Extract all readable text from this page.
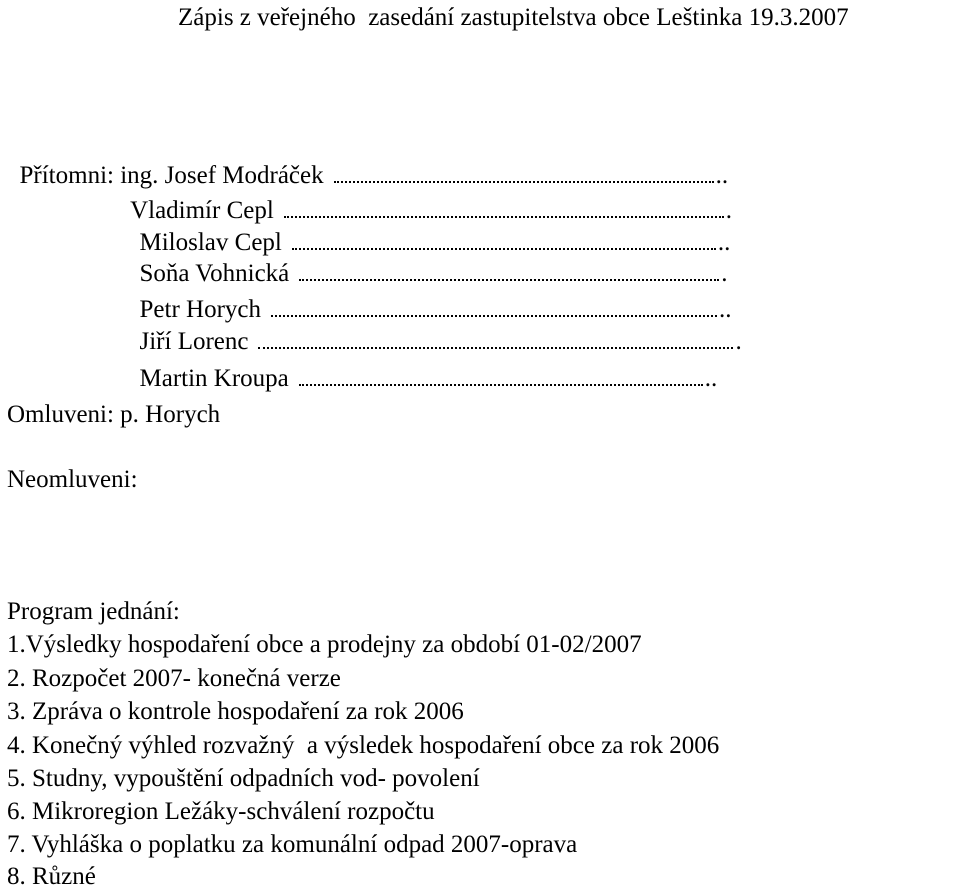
Zápis z veřejného  zasedání zastupitelstva obce Leštinka 19.3.2007

Přítomni: ing. Josef Modráček	..

Vladimír Cepl	.

Miloslav Cepl	..

Soňa Vohnická	.

Petr Horych	..

Jiří Lorenc	.

Martin Kroupa	..

Omluveni: p. Horych
Neomluveni:
Program jednání:
1.Výsledky hospodaření obce a prodejny za období 01-02/2007
2. Rozpočet 2007- konečná verze
3. Zpráva o kontrole hospodaření za rok 2006
4. Konečný výhled rozvažný  a výsledek hospodaření obce za rok 2006
5. Studny, vypouštění odpadních vod- povolení
6. Mikroregion Ležáky-schválení rozpočtu
7. Vyhláška o poplatku za komunální odpad 2007-oprava
8. Různé
